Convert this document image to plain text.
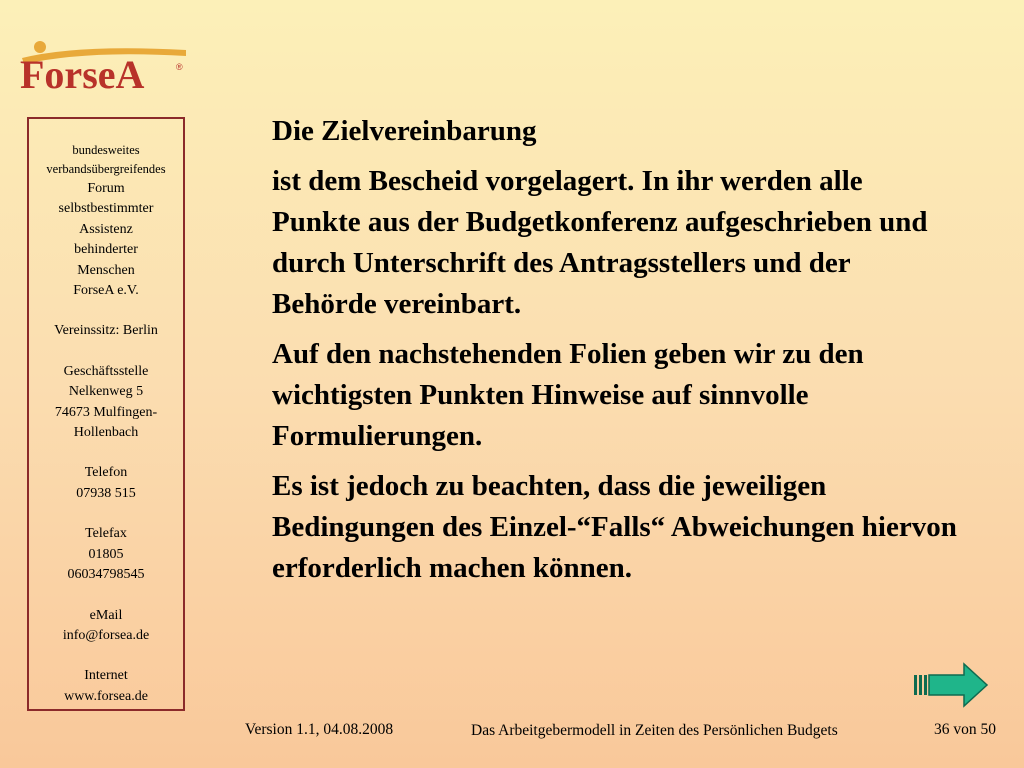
ForseA	®
bundesweites
verbandsübergreifendes
Forum
selbstbestimmter
Assistenz
behinderter
Menschen
ForseA e.V.
Vereinssitz: Berlin
Geschäftsstelle
Nelkenweg 5
74673 Mulfingen-
Hollenbach
Telefon
07938 515
Telefax
01805
06034798545
eMail
info@forsea.de
Internet
www.forsea.de

Die Zielvereinbarung

ist dem Bescheid vorgelagert. In ihr werden alle Punkte aus der Budgetkonferenz aufgeschrieben und durch Unterschrift des Antragsstellers und der Behörde vereinbart.

Auf den nachstehenden Folien geben wir zu den wichtigsten Punkten Hinweise auf sinnvolle Formulierungen.

Es ist jedoch zu beachten, dass die jeweiligen Bedingungen des Einzel-“Falls“ Abweichungen hiervon erforderlich machen können.

Version 1.1, 04.08.2008	Das Arbeitgebermodell in Zeiten des Persönlichen Budgets	36 von 50
